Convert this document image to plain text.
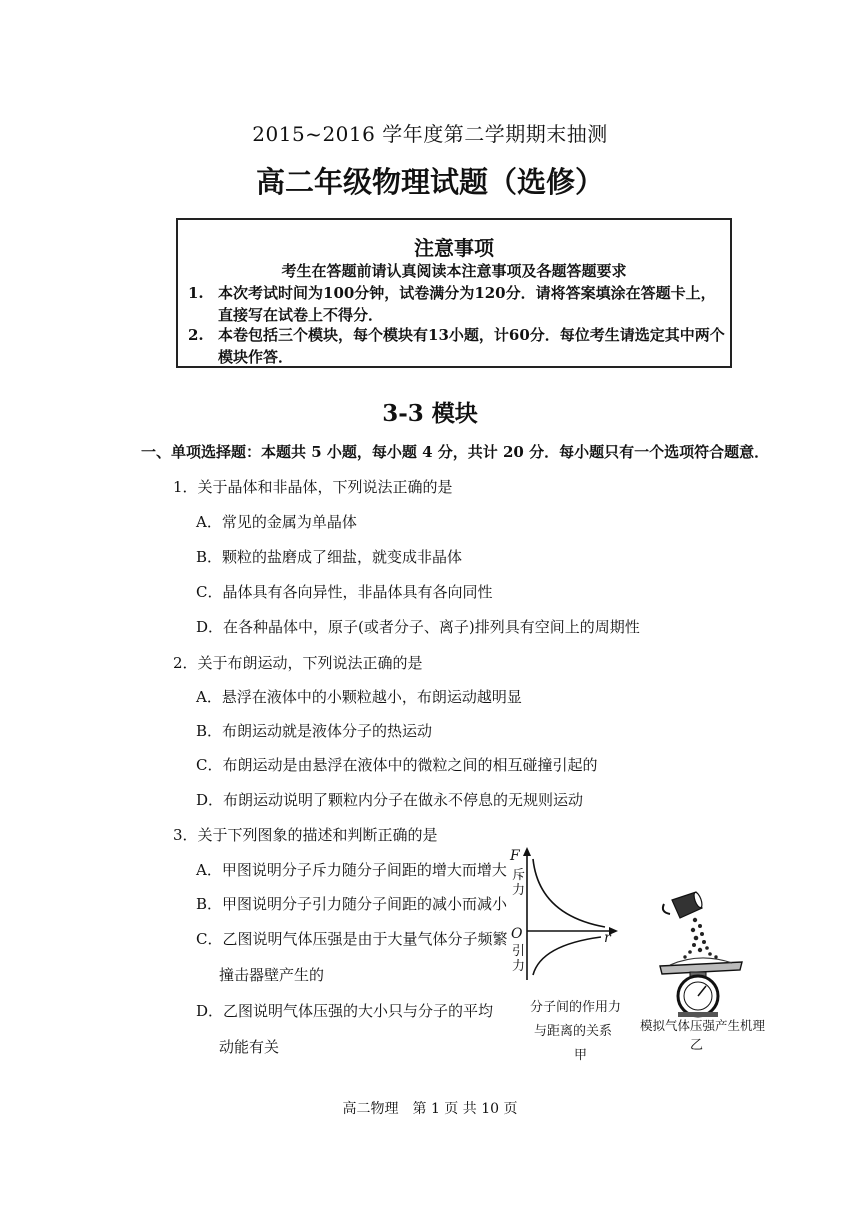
2015~2016 学年度第二学期期末抽测
高二年级物理试题（选修）
注意事项
考生在答题前请认真阅读本注意事项及各题答题要求
1. 本次考试时间为100分钟，试卷满分为120分．请将答案填涂在答题卡上，直接写在试卷上不得分．
2. 本卷包括三个模块，每个模块有13小题，计60分．每位考生请选定其中两个模块作答．
3-3 模块
一、单项选择题：本题共 5 小题，每小题 4 分，共计 20 分．每小题只有一个选项符合题意．
1．关于晶体和非晶体，下列说法正确的是
A．常见的金属为单晶体
B．颗粒的盐磨成了细盐，就变成非晶体
C．晶体具有各向异性，非晶体具有各向同性
D．在各种晶体中，原子(或者分子、离子)排列具有空间上的周期性
2．关于布朗运动，下列说法正确的是
A．悬浮在液体中的小颗粒越小，布朗运动越明显
B．布朗运动就是液体分子的热运动
C．布朗运动是由悬浮在液体中的微粒之间的相互碰撞引起的
D．布朗运动说明了颗粒内分子在做永不停息的无规则运动
3．关于下列图象的描述和判断正确的是
A．甲图说明分子斥力随分子间距的增大而增大
B．甲图说明分子引力随分子间距的减小而减小
C．乙图说明气体压强是由于大量气体分子频繁
撞击器壁产生的
D．乙图说明气体压强的大小只与分子的平均
动能有关
F
斥力
O
引力
r
分子间的作用力
与距离的关系
甲
模拟气体压强产生机理
乙
高二物理　第 1 页 共 10 页
